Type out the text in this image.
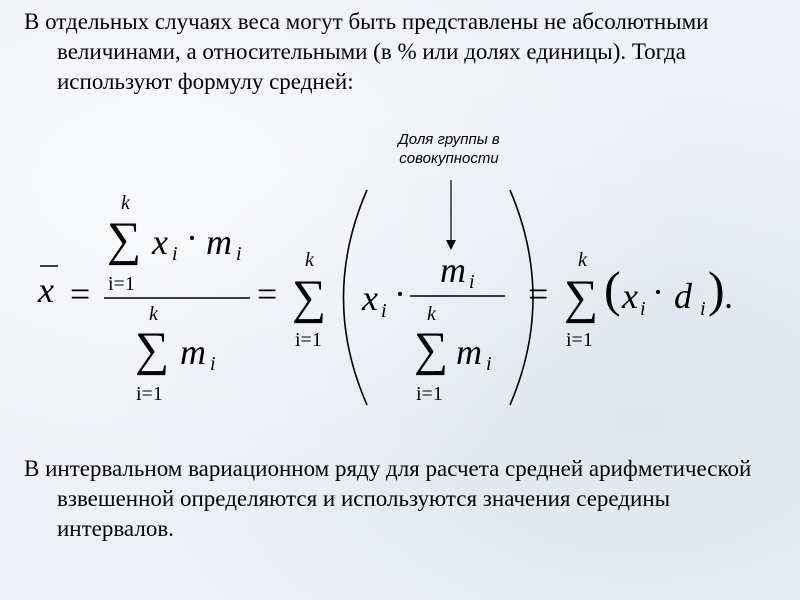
В отдельных случаях веса могут быть представлены не абсолютными величинами, а относительными (в % или долях единицы). Тогда используют формулу средней:

Доля группы в совокупности
x =
k
∑
i=1
x i · m i
k
∑
i=1
m i
=
k
∑
i=1
x i ·
m i
k
∑
i=1
m i
=
k
∑
i=1
( x i · d i ) .

В интервальном вариационном ряду для расчета средней арифметической взвешенной определяются и используются значения середины интервалов.
